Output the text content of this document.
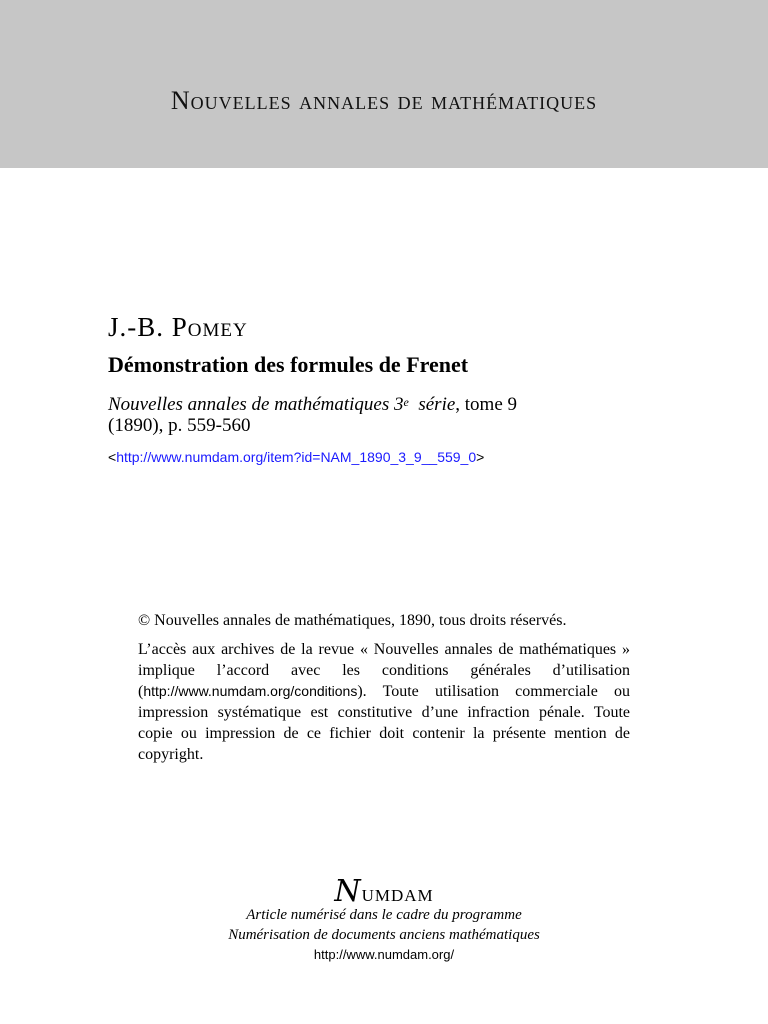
Nouvelles annales de mathématiques
J.-B. Pomey
Démonstration des formules de Frenet
Nouvelles annales de mathématiques 3e série, tome 9
(1890), p. 559-560
<http://www.numdam.org/item?id=NAM_1890_3_9__559_0>

© Nouvelles annales de mathématiques, 1890, tous droits réservés.

L’accès aux archives de la revue « Nouvelles annales de mathématiques » implique l’accord avec les conditions générales d’utilisation (http://www.numdam.org/conditions). Toute utilisation commerciale ou impression systématique est constitutive d’une infraction pénale. Toute copie ou impression de ce fichier doit contenir la présente mention de copyright.

Numdam
Article numérisé dans le cadre du programme
Numérisation de documents anciens mathématiques
http://www.numdam.org/
